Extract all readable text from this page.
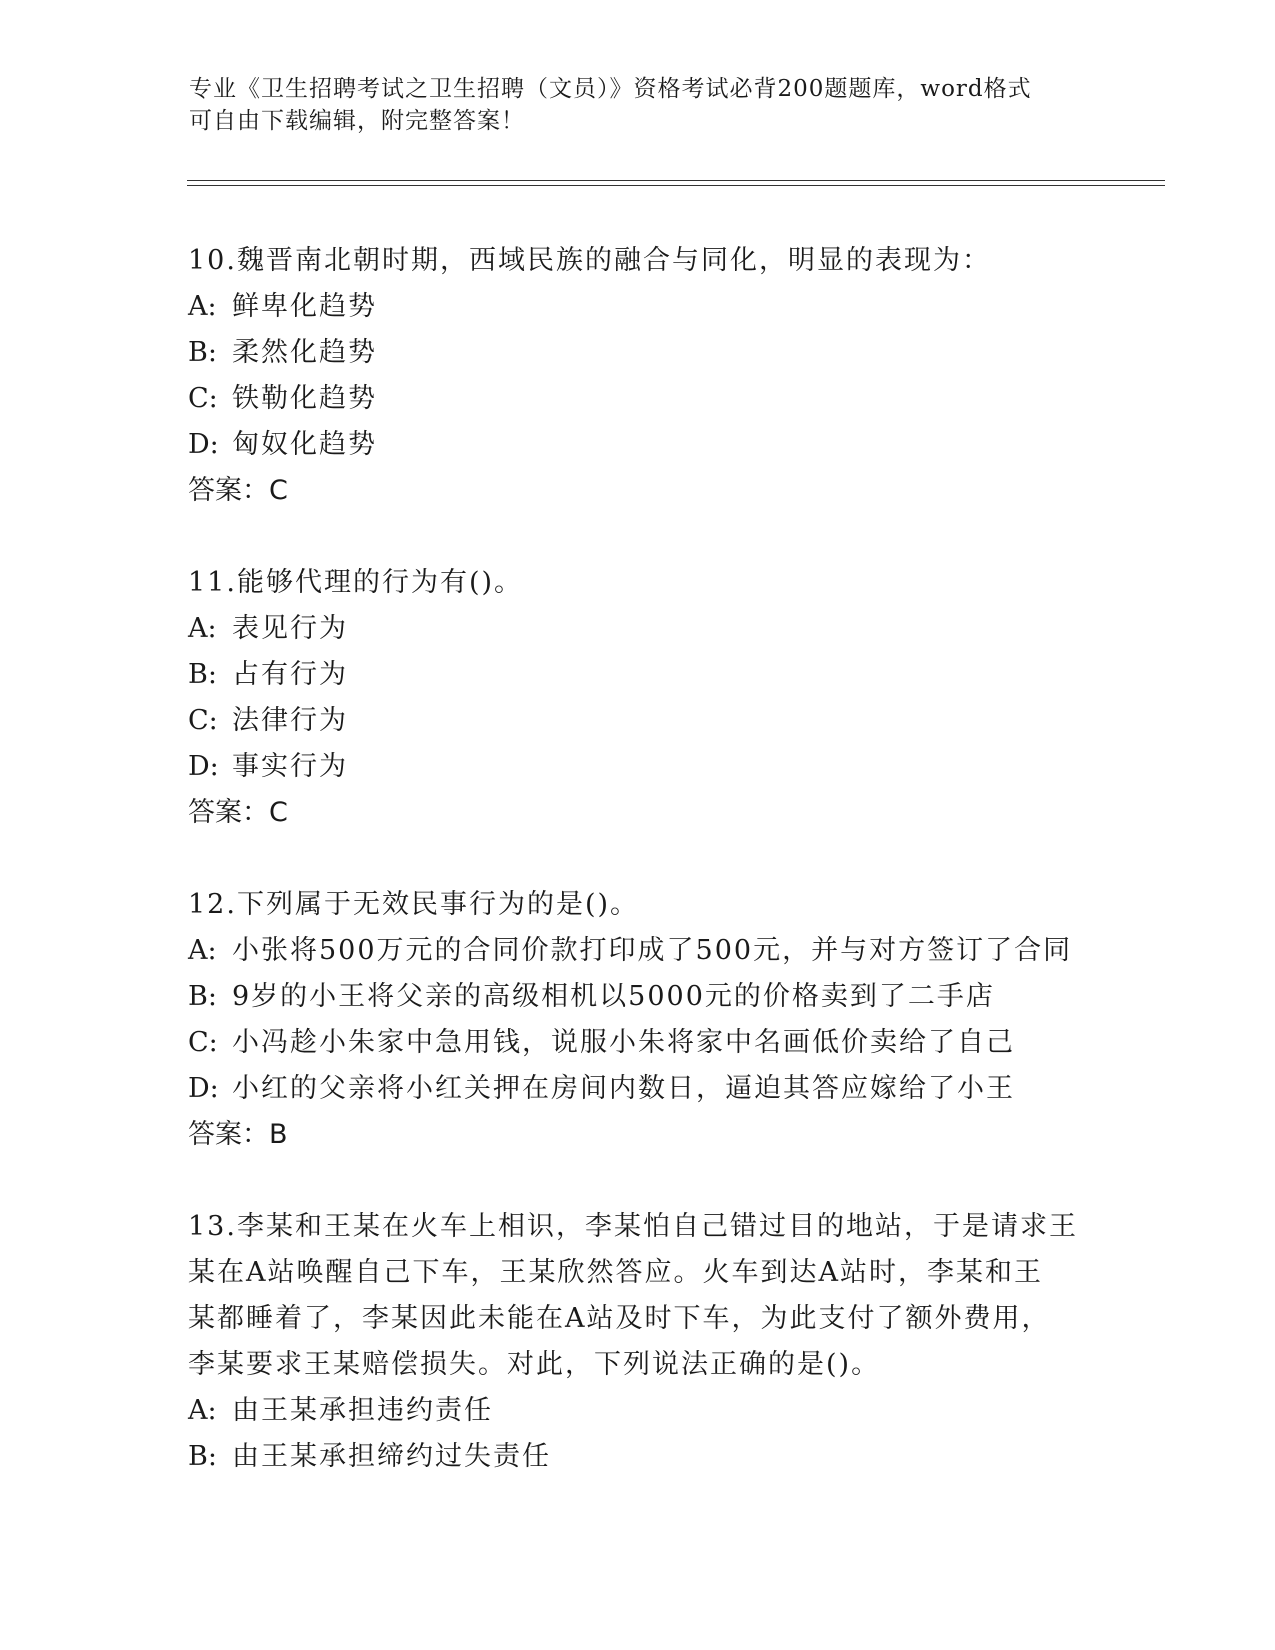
专业《卫生招聘考试之卫生招聘（文员）》资格考试必背200题题库，word格式
可自由下载编辑，附完整答案！

10.魏晋南北朝时期，西域民族的融合与同化，明显的表现为：

A: 鲜卑化趋势

B: 柔然化趋势

C: 铁勒化趋势

D: 匈奴化趋势

答案：C

11.能够代理的行为有()。

A: 表见行为

B: 占有行为

C: 法律行为

D: 事实行为

答案：C

12.下列属于无效民事行为的是()。

A: 小张将500万元的合同价款打印成了500元，并与对方签订了合同

B: 9岁的小王将父亲的高级相机以5000元的价格卖到了二手店

C: 小冯趁小朱家中急用钱，说服小朱将家中名画低价卖给了自己

D: 小红的父亲将小红关押在房间内数日，逼迫其答应嫁给了小王

答案：B

13.李某和王某在火车上相识，李某怕自己错过目的地站，于是请求王

某在A站唤醒自己下车，王某欣然答应。火车到达A站时，李某和王

某都睡着了，李某因此未能在A站及时下车，为此支付了额外费用，

李某要求王某赔偿损失。对此，下列说法正确的是()。

A: 由王某承担违约责任

B: 由王某承担缔约过失责任
